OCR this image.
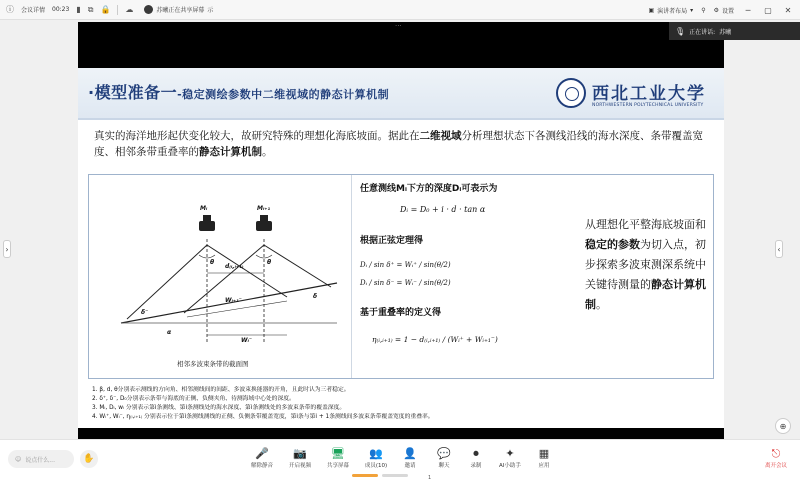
ⓘ 会议详情 00:23 ▮ ⧉ 🔒 ☁	苏曦正在共享屏幕 示	▣ 演讲者布局 ▾ ⚲ ⚙ 设置	─	▢	✕
···
🎙 正在讲话: 苏曦
·模型准备一-稳定测绘参数中二维视域的静态计算机制	西北工业大学
NORTHWESTERN POLYTECHNICAL UNIVERSITY
真实的海洋地形起伏变化较大，故研究特殊的理想化海底坡面。据此在二维视域分析理想状态下各测线沿线的海水深度、条带覆盖宽度、相邻条带重叠率的静态计算机制。
Mᵢ	Mᵢ₊₁
θ	θ
d₍ᵢ,ᵢ₊₁₎
δ⁻
δ
α
Wᵢ₊₁⁻
Wᵢ⁻
相邻多波束条带的截面图
任意测线Mᵢ下方的深度Dᵢ可表示为
Dᵢ = D₀ + i · d · tan α
根据正弦定理得
Dᵢ / sin δ⁺ = Wᵢ⁺ / sin(θ/2)
Dᵢ / sin δ⁻ = Wᵢ⁻ / sin(θ/2)
基于重叠率的定义得
η₍ᵢ,ᵢ₊₁₎ = 1 − d₍ᵢ,ᵢ₊₁₎ / (Wᵢ⁺ + Wᵢ₊₁⁻)
从理想化平整海底坡面和稳定的参数为切入点，初步探索多波束测深系统中关键待测量的静态计算机制。
1. β, d, θ分别表示测线的方向角、相邻测线间的间距、多波束换能器的开角，且此时认为三者稳定。
2. δ⁺, δ⁻, D₀分别表示条带与海底的正侧、负侧夹角、待测海域中心处的深度。
3. Mᵢ, Dᵢ, wᵢ 分别表示第i条测线、第i条测线处的海水深度、第i条测线处的多波束条带的覆盖深度。
4. Wᵢ⁺, Wᵢ⁻, η₍ᵢ,ᵢ₊₁₎ 分别表示位于第i条测线测线的正侧、负侧条带覆盖宽度，第i条与第i + 1条测线间多波束条带覆盖宽度的重叠率。
⊕
‹
›
☺ 说点什么...	✋	🎤
解除静音
📷
开启视频
🖥
共享屏幕
👥
成员(10)
👤
邀请
💬
聊天
⏺
录制
✦
AI小助手
▦
应用
⎋
离开会议
1
